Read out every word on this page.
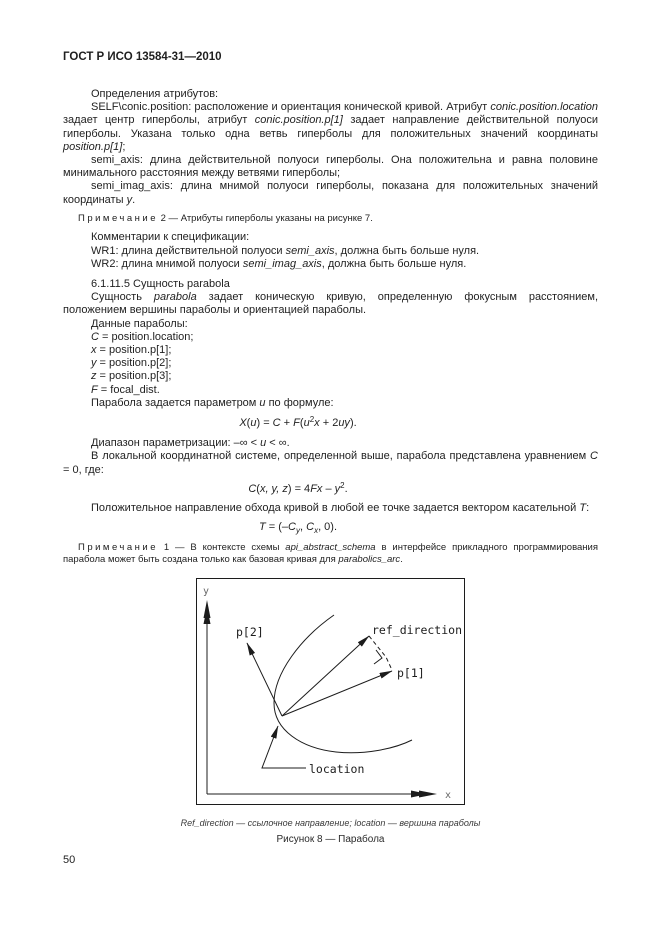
ГОСТ Р ИСО 13584-31—2010

Определения атрибутов:

SELF\conic.position: расположение и ориентация конической кривой. Атрибут conic.position.location задает центр гиперболы, атрибут conic.position.p[1] задает направление действительной полуоси гиперболы. Указана только одна ветвь гиперболы для положительных значений координаты position.p[1];

semi_axis: длина действительной полуоси гиперболы. Она положительна и равна половине минимального расстояния между ветвями гиперболы;

semi_imag_axis: длина мнимой полуоси гиперболы, показана для положительных значений координаты y.

Примечание 2 — Атрибуты гиперболы указаны на рисунке 7.

Комментарии к спецификации:

WR1: длина действительной полуоси semi_axis, должна быть больше нуля.

WR2: длина мнимой полуоси semi_imag_axis, должна быть больше нуля.

6.1.11.5 Сущность parabola

Сущность parabola задает коническую кривую, определенную фокусным расстоянием, положением вершины параболы и ориентацией параболы.

Данные параболы:

C = position.location;

x = position.p[1];

y = position.p[2];

z = position.p[3];

F = focal_dist.

Парабола задается параметром u по формуле:

$X(u) = C + F(u^2x + 2uy)$.

Диапазон параметризации: –∞ < u < ∞.

В локальной координатной системе, определенной выше, парабола представлена уравнением C = 0, где:

C(x, y, $z) = 4Fx - y^2$.

Положительное направление обхода кривой в любой ее точке задается вектором касательной T:

$T = (-C_y$, $C_x$, 0).

Примечание 1 — В контексте схемы api_abstract_schema в интерфейсе прикладного программирования парабола может быть создана только как базовая кривая для parabolics_arc.

y
x
p[2]	ref_direction
p[1]
location
Ref_direction — ссылочное направление; location — вершина параболы
Рисунок 8 — Парабола
50
